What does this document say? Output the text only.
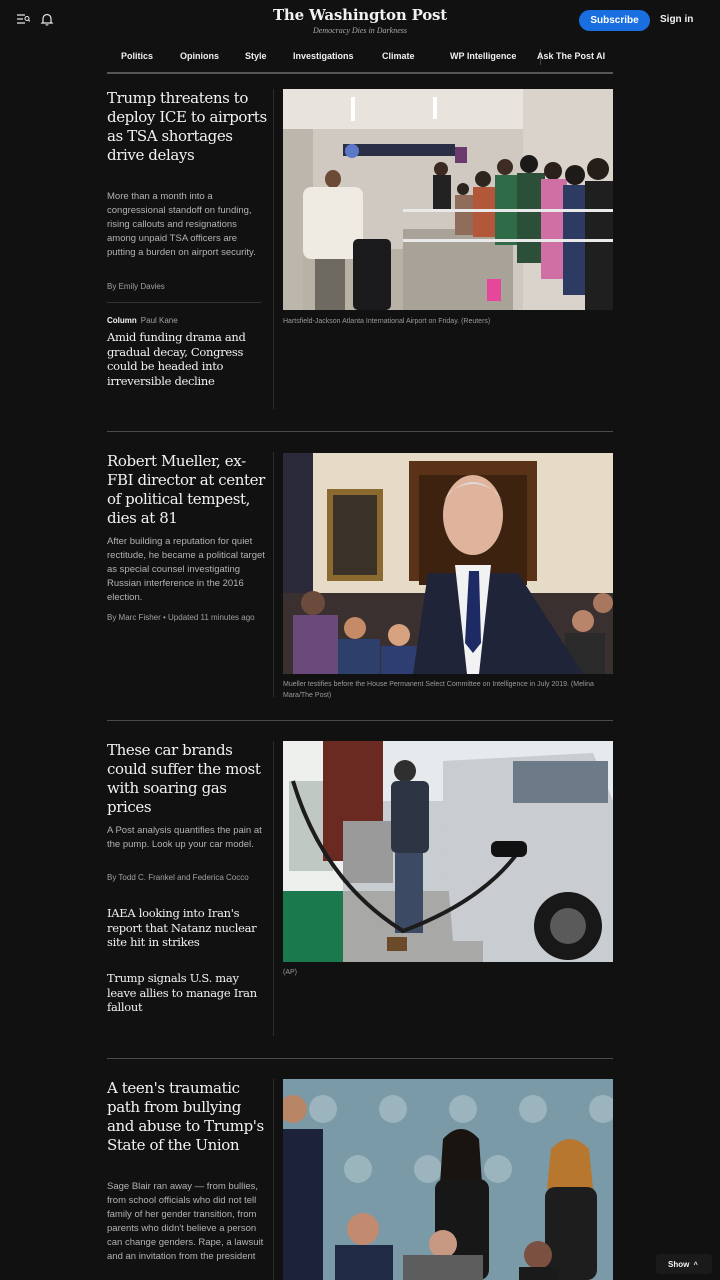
The Washington Post
Democracy Dies in Darkness
Subscribe	Sign in
Politics	Opinions	Style	Investigations	Climate	WP Intelligence Ask The Post AI
Trump threatens to deploy ICE to airports as TSA shortages drive delays
More than a month into a congressional standoff on funding, rising callouts and resignations among unpaid TSA officers are putting a burden on airport security.
By Emily Davies
Column Paul Kane
Amid funding drama and gradual decay, Congress could be headed into irreversible decline
Hartsfield-Jackson Atlanta International Airport on Friday. (Reuters)
Robert Mueller, ex-FBI director at center of political tempest, dies at 81
After building a reputation for quiet rectitude, he became a political target as special counsel investigating Russian interference in the 2016 election.
By Marc Fisher • Updated 11 minutes ago
Mueller testifies before the House Permanent Select Committee on Intelligence in July 2019. (Melina Mara/The Post)
These car brands could suffer the most with soaring gas prices
A Post analysis quantifies the pain at the pump. Look up your car model.
By Todd C. Frankel and Federica Cocco
IAEA looking into Iran's report that Natanz nuclear site hit in strikes
Trump signals U.S. may leave allies to manage Iran fallout
(AP)
A teen's traumatic path from bullying and abuse to Trump's State of the Union
Sage Blair ran away — from bullies, from school officials who did not tell family of her gender transition, from parents who didn't believe a person can change genders. Rape, a lawsuit and an invitation from the president
Show ^
